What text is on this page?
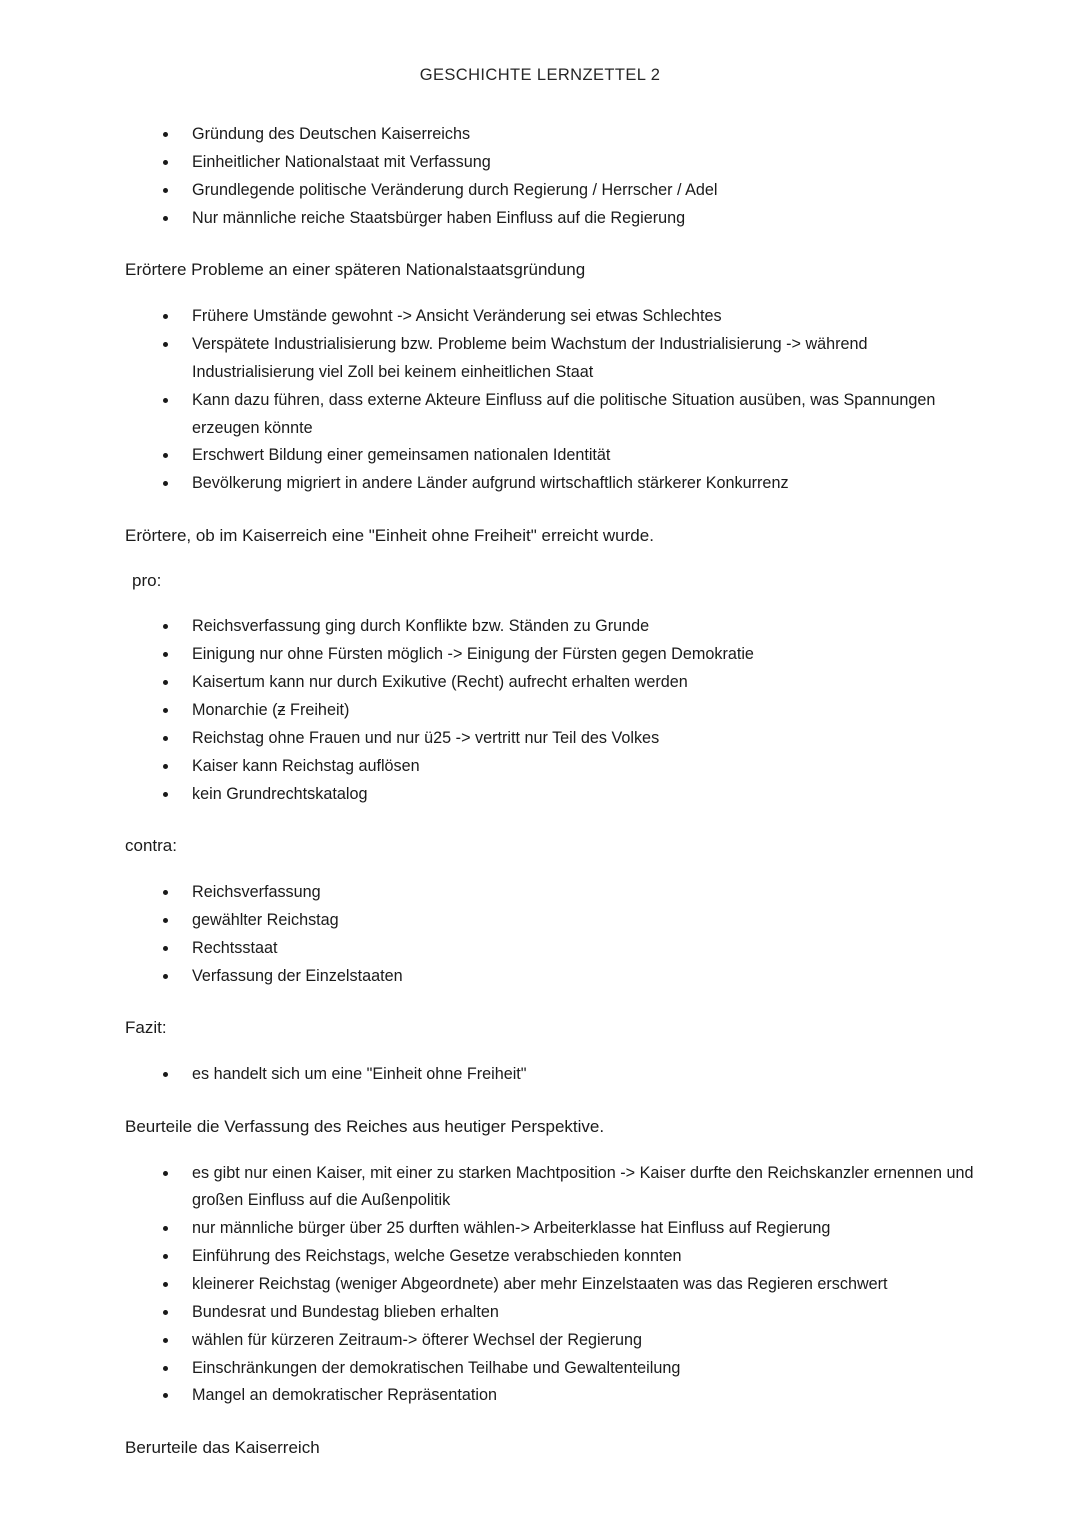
GESCHICHTE LERNZETTEL 2
Gründung des Deutschen Kaiserreichs
Einheitlicher Nationalstaat mit Verfassung
Grundlegende politische Veränderung durch Regierung / Herrscher / Adel
Nur männliche reiche Staatsbürger haben Einfluss auf die Regierung

Erörtere Probleme an einer späteren Nationalstaatsgründung

Frühere Umstände gewohnt -> Ansicht Veränderung sei etwas Schlechtes
Verspätete Industrialisierung bzw. Probleme beim Wachstum der Industrialisierung -> während Industrialisierung viel Zoll bei keinem einheitlichen Staat
Kann dazu führen, dass externe Akteure Einfluss auf die politische Situation ausüben, was Spannungen erzeugen könnte
Erschwert Bildung einer gemeinsamen nationalen Identität
Bevölkerung migriert in andere Länder aufgrund wirtschaftlich stärkerer Konkurrenz

Erörtere, ob im Kaiserreich eine "Einheit ohne Freiheit" erreicht wurde.

pro:

Reichsverfassung ging durch Konflikte bzw. Ständen zu Grunde
Einigung nur ohne Fürsten möglich -> Einigung der Fürsten gegen Demokratie
Kaisertum kann nur durch Exikutive (Recht) aufrecht erhalten werden
Monarchie (ƶ Freiheit)
Reichstag ohne Frauen und nur ü25 -> vertritt nur Teil des Volkes
Kaiser kann Reichstag auflösen
kein Grundrechtskatalog

contra:

Reichsverfassung
gewählter Reichstag
Rechtsstaat
Verfassung der Einzelstaaten

Fazit:

es handelt sich um eine "Einheit ohne Freiheit"

Beurteile die Verfassung des Reiches aus heutiger Perspektive.

es gibt nur einen Kaiser, mit einer zu starken Machtposition -> Kaiser durfte den Reichskanzler ernennen und großen Einfluss auf die Außenpolitik
nur männliche bürger über 25 durften wählen-> Arbeiterklasse hat Einfluss auf Regierung
Einführung des Reichstags, welche Gesetze verabschieden konnten
kleinerer Reichstag (weniger Abgeordnete) aber mehr Einzelstaaten was das Regieren erschwert
Bundesrat und Bundestag blieben erhalten
wählen für kürzeren Zeitraum-> öfterer Wechsel der Regierung
Einschränkungen der demokratischen Teilhabe und Gewaltenteilung
Mangel an demokratischer Repräsentation

Berurteile das Kaiserreich
